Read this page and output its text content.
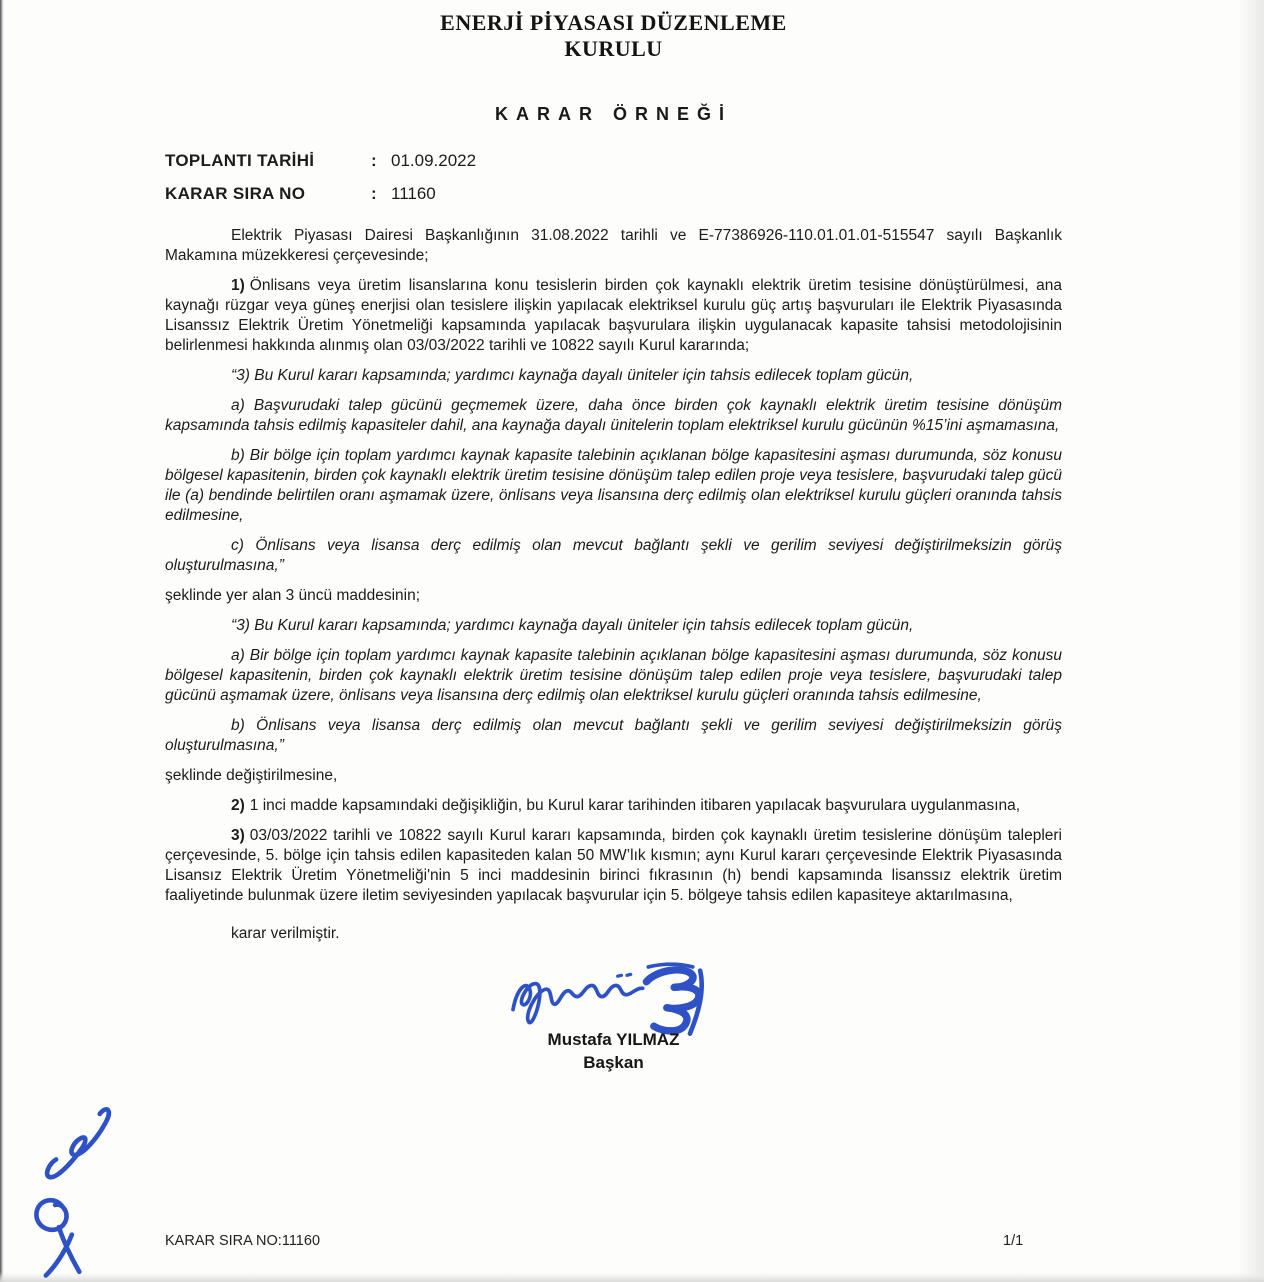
ENERJİ PİYASASI DÜZENLEME
KURULU
KARAR ÖRNEĞİ
TOPLANTI TARİHİ	: 01.09.2022
KARAR SIRA NO	: 11160

Elektrik Piyasası Dairesi Başkanlığının 31.08.2022 tarihli ve E-77386926-110.01.01.01-515547 sayılı Başkanlık Makamına müzekkeresi çerçevesinde;

1) Önlisans veya üretim lisanslarına konu tesislerin birden çok kaynaklı elektrik üretim tesisine dönüştürülmesi, ana kaynağı rüzgar veya güneş enerjisi olan tesislere ilişkin yapılacak elektriksel kurulu güç artış başvuruları ile Elektrik Piyasasında Lisanssız Elektrik Üretim Yönetmeliği kapsamında yapılacak başvurulara ilişkin uygulanacak kapasite tahsisi metodolojisinin belirlenmesi hakkında alınmış olan 03/03/2022 tarihli ve 10822 sayılı Kurul kararında;

“3) Bu Kurul kararı kapsamında; yardımcı kaynağa dayalı üniteler için tahsis edilecek toplam gücün,

a) Başvurudaki talep gücünü geçmemek üzere, daha önce birden çok kaynaklı elektrik üretim tesisine dönüşüm kapsamında tahsis edilmiş kapasiteler dahil, ana kaynağa dayalı ünitelerin toplam elektriksel kurulu gücünün %15’ini aşmamasına,

b) Bir bölge için toplam yardımcı kaynak kapasite talebinin açıklanan bölge kapasitesini aşması durumunda, söz konusu bölgesel kapasitenin, birden çok kaynaklı elektrik üretim tesisine dönüşüm talep edilen proje veya tesislere, başvurudaki talep gücü ile (a) bendinde belirtilen oranı aşmamak üzere, önlisans veya lisansına derç edilmiş olan elektriksel kurulu güçleri oranında tahsis edilmesine,

c) Önlisans veya lisansa derç edilmiş olan mevcut bağlantı şekli ve gerilim seviyesi değiştirilmeksizin görüş oluşturulmasına,”

şeklinde yer alan 3 üncü maddesinin;

“3) Bu Kurul kararı kapsamında; yardımcı kaynağa dayalı üniteler için tahsis edilecek toplam gücün,

a) Bir bölge için toplam yardımcı kaynak kapasite talebinin açıklanan bölge kapasitesini aşması durumunda, söz konusu bölgesel kapasitenin, birden çok kaynaklı elektrik üretim tesisine dönüşüm talep edilen proje veya tesislere, başvurudaki talep gücünü aşmamak üzere, önlisans veya lisansına derç edilmiş olan elektriksel kurulu güçleri oranında tahsis edilmesine,

b) Önlisans veya lisansa derç edilmiş olan mevcut bağlantı şekli ve gerilim seviyesi değiştirilmeksizin görüş oluşturulmasına,”

şeklinde değiştirilmesine,

2) 1 inci madde kapsamındaki değişikliğin, bu Kurul karar tarihinden itibaren yapılacak başvurulara uygulanmasına,

3) 03/03/2022 tarihli ve 10822 sayılı Kurul kararı kapsamında, birden çok kaynaklı üretim tesislerine dönüşüm talepleri çerçevesinde, 5. bölge için tahsis edilen kapasiteden kalan 50 MW’lık kısmın; aynı Kurul kararı çerçevesinde Elektrik Piyasasında Lisansız Elektrik Üretim Yönetmeliği'nin 5 inci maddesinin birinci fıkrasının (h) bendi kapsamında lisanssız elektrik üretim faaliyetinde bulunmak üzere iletim seviyesinden yapılacak başvurular için 5. bölgeye tahsis edilen kapasiteye aktarılmasına,

karar verilmiştir.

Mustafa YILMAZ
Başkan
KARAR SIRA NO:11160	1/1
